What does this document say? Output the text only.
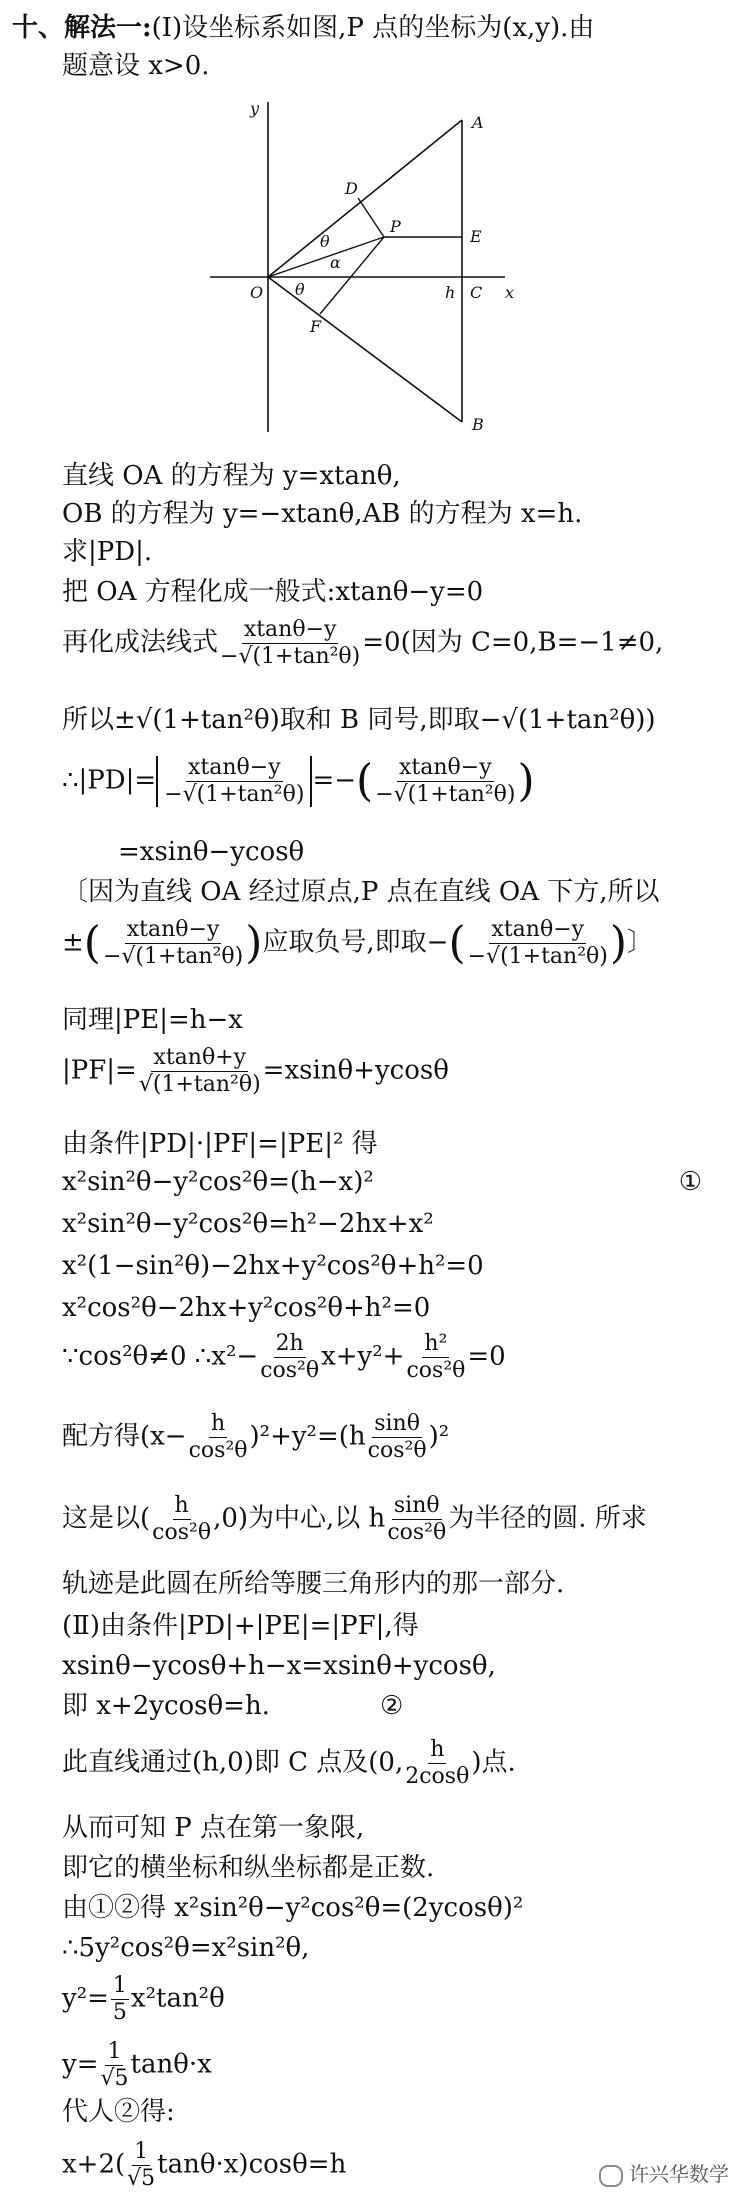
十、解法一:(Ⅰ)设坐标系如图,P 点的坐标为(x,y).由
题意设 x>0.
y
x
O
A
B
C
h
D
E
F
P
θ
α
θ
直线 OA 的方程为 y=xtanθ,
OB 的方程为 y=−xtanθ,AB 的方程为 x=h.
求|PD|.
把 OA 方程化成一般式:xtanθ−y=0
再化成法线式 $\frac{xtan\theta-y}{\text{−√(1+tan²θ)}} =0$(因为 C=0,B=−1≠0,
所以±√(1+tan²θ)取和 B 同号,即取−√(1+tan²θ))
∴|PD|= $\frac{xtan\theta-y}{\text{−√(1+tan²θ)}}$ =−( $\frac{xtan\theta-y}{\text{−√(1+tan²θ)}}$ )
=xsinθ−ycosθ
〔因为直线 OA 经过原点,P 点在直线 OA 下方,所以
±( $\frac{xtan\theta-y}{\text{−√(1+tan²θ)}}$ )应取负号,即取−( $\frac{xtan\theta-y}{\text{−√(1+tan²θ)}}$ )〕
同理|PE|=h−x
$|PF|= \frac{xtan\theta+y}{\text{√(1+tan²θ)}} =xsin\theta+ycos\theta$
由条件|PD|·|PF|=|PE|² 得
x²sin²θ−y²cos²θ=(h−x)²	①
x²sin²θ−y²cos²θ=h²−2hx+x²
x²(1−sin²θ)−2hx+y²cos²θ+h²=0
x²cos²θ−2hx+y²cos²θ+h²=0
∵cos²θ≠0 ∴x²− $\frac{2h}{\text{cos²θ}} x+y^2+ \frac{\text{h²}}{\text{cos²θ}} =0$
配方得$(x- \frac{h}{\text{cos²θ}} )^2+y^2=(h \frac{\sin\theta}{\text{cos²θ}} )^2$
这是以( $\frac{h}{\text{cos²θ}} ,0$)为中心,以 h $\frac{\sin\theta}{\text{cos²θ}}$ 为半径的圆. 所求
轨迹是此圆在所给等腰三角形内的那一部分.
(Ⅱ)由条件|PD|+|PE|=|PF|,得
xsinθ−ycosθ+h−x=xsinθ+ycosθ,
即 x+2ycosθ=h.	②
此直线通过(h,0)即 C 点及(0, $\frac{h}{2\cos\theta}$ )点.
从而可知 P 点在第一象限,
即它的横坐标和纵坐标都是正数.
由①②得 x²sin²θ−y²cos²θ=(2ycosθ)²
∴5y²cos²θ=x²sin²θ,
$y^2= \frac{1}{5} x^2\tan^2\theta$
$y= \frac{1}{√5} \tan\theta\cdot x$
代人②得:
$x+2( \frac{1}{√5} \tan\theta\cdot x)\cos\theta=h$	许兴华数学
